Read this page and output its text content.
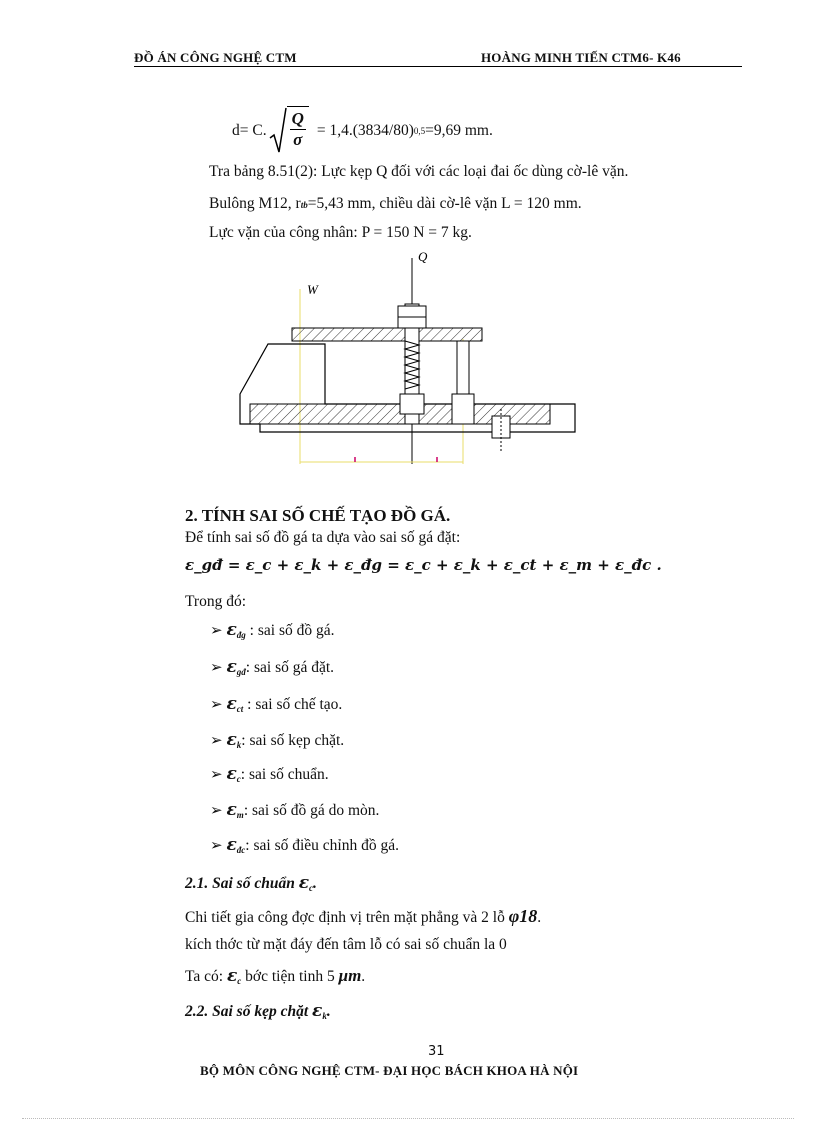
ĐỒ ÁN CÔNG NGHỆ CTM	HOÀNG MINH TIẾN CTM6- K46
d= C. $\frac{Q}{\sigma} = 1,4.(3834/80)$ 0,5 =9,69 mm.
Tra bảng 8.51(2): Lực kẹp Q đối với các loại đai ốc dùng cờ-lê vặn.
Bulông M12, rtb=5,43 mm, chiều dài cờ-lê vặn L = 120 mm.
Lực vặn của công nhân: P = 150 N = 7 kg.
Q
W
2. TÍNH SAI SỐ CHẾ TẠO ĐỒ GÁ.
Để tính sai số đồ gá ta dựa vào sai số gá đặt:
ε_gđ = ε_c + ε_k + ε_đg = ε_c + ε_k + ε_ct + ε_m + ε_đc .
Trong đó:
➢ $\varepsilon_{đg}$ : sai số đồ gá.
➢ $\varepsilon_{gđ}$: sai số gá đặt.
➢ $\varepsilon_{ct}$ : sai số chế tạo.
➢ $\varepsilon_k$: sai số kẹp chặt.
➢ $\varepsilon_c$: sai số chuẩn.
➢ $\varepsilon_m$: sai số đồ gá do mòn.
➢ $\varepsilon_{đc}$: sai số điều chỉnh đồ gá.
2.1. Sai số chuẩn $\varepsilon_c$.
Chi tiết gia công đợc định vị trên mặt phẳng và 2 lỗ φ18.
kích thớc từ mặt đáy đến tâm lỗ có sai số chuẩn la 0
Ta có: $\varepsilon_c$ bớc tiện tinh 5 μm.
2.2. Sai số kẹp chặt $\varepsilon_k$.
31
BỘ MÔN CÔNG NGHỆ CTM- ĐẠI HỌC BÁCH KHOA HÀ NỘI
